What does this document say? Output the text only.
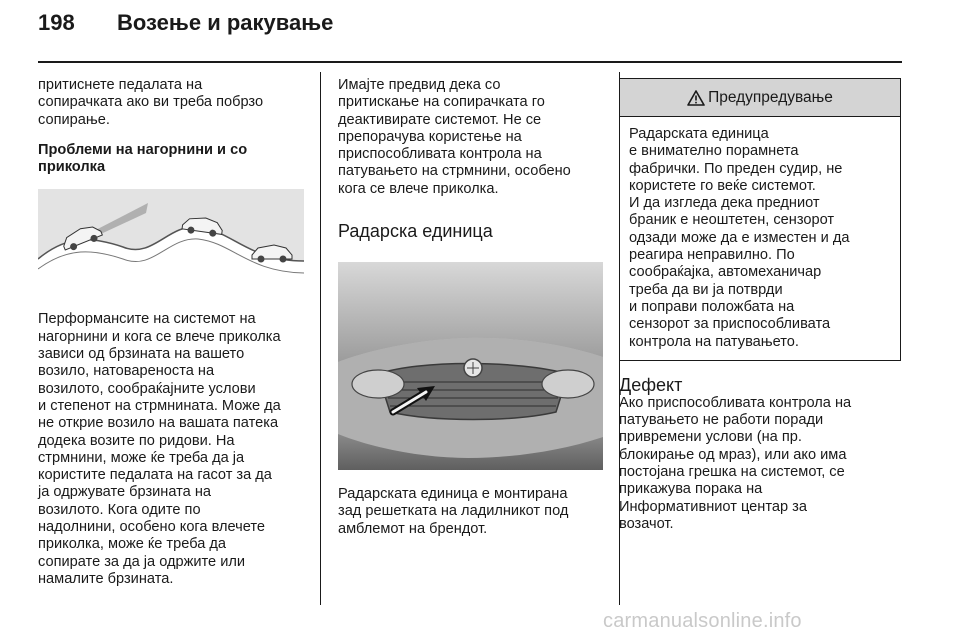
198 Возење и ракување

притиснете педалата на
сопирачката ако ви треба побрзо
сопирање.

Проблеми на нагорнини и со
приколка

Перформансите на системот на
нагорнини и кога се влече приколка
зависи од брзината на вашето
возило, натовареноста на
возилото, сообраќајните услови
и степенот на стрмнината. Може да
не открие возило на вашата патека
додека возите по ридови. На
стрмнини, може ќе треба да ја
користите педалата на гасот за да
ја одржувате брзината на
возилото. Кога одите по
надолнини, особено кога влечете
приколка, може ќе треба да
сопирате за да ја одржите или
намалите брзината.

Имајте предвид дека со
притискање на сопирачката го
деактивирате системот. Не се
препорачува користење на
приспособливата контрола на
патувањето на стрмнини, особено
кога се влече приколка.

Радарска единица

Радарската единица е монтирана
зад решетката на ладилникот под
амблемот на брендот.

Предупредување
Радарската единица
е внимателно порамнета
фабрички. По преден судир, не
користете го веќе системот.
И да изгледа дека предниот
браник е неоштетен, сензорот
одзади може да е изместен и да
реагира неправилно. По
сообраќајка, автомеханичар
треба да ви ја потврди
и поправи положбата на
сензорот за приспособливата
контрола на патувањето.

Дефект

Ако приспособливата контрола на
патувањето не работи поради
привремени услови (на пр.
блокирање од мраз), или ако има
постојана грешка на системот, се
прикажува порака на
Информативниот центар за
возачот.

carmanualsonline.info
